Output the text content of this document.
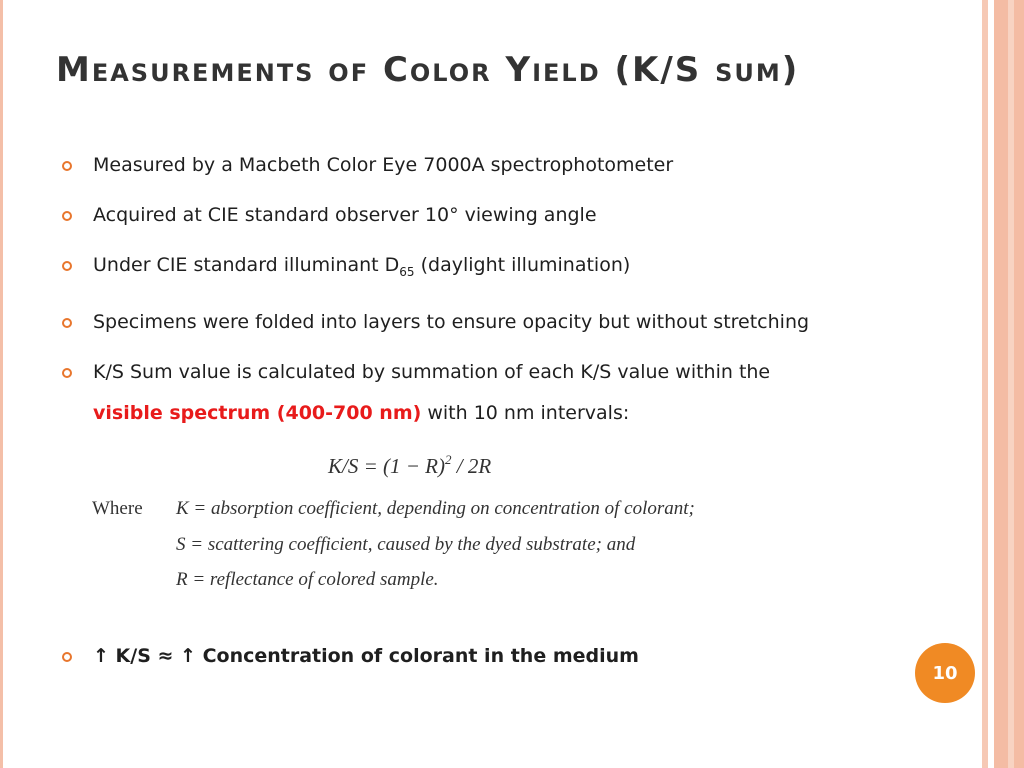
Measurements of Color Yield (K/S sum)
Measured by a Macbeth Color Eye 7000A spectrophotometer
Acquired at CIE standard observer 10° viewing angle
Under CIE standard illuminant $D_{65}$ (daylight illumination)
Specimens were folded into layers to ensure opacity but without stretching
K/S Sum value is calculated by summation of each K/S value within the
visible spectrum (400-700 nm) with 10 nm intervals:
$K/S = (1 - R)^2 / 2R$
Where K = absorption coefficient, depending on concentration of colorant;
S = scattering coefficient, caused by the dyed substrate; and
R = reflectance of colored sample.
↑ K/S ≈ ↑ Concentration of colorant in the medium
10
